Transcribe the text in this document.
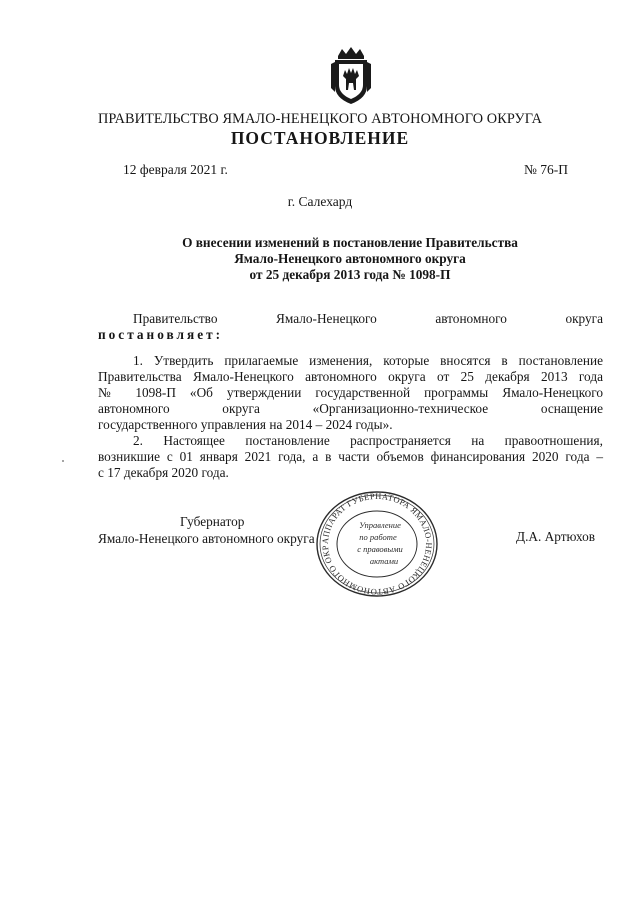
ПРАВИТЕЛЬСТВО ЯМАЛО-НЕНЕЦКОГО АВТОНОМНОГО ОКРУГА
ПОСТАНОВЛЕНИЕ
12 февраля 2021 г.	№ 76-П
г. Салехард
О внесении изменений в постановление Правительства
Ямало-Ненецкого автономного округа
от 25 декабря 2013 года № 1098-П
Правительство	Ямало-Ненецкого	автономного	округа
постановляет:
1. Утвердить прилагаемые изменения, которые вносятся в постановление
Правительства Ямало-Ненецкого автономного округа от 25 декабря 2013 года
№ 1098-П «Об утверждении государственной программы Ямало-Ненецкого
автономного	округа	«Организационно-техническое	оснащение
государственного управления на 2014 – 2024 годы».
2. Настоящее постановление распространяется на правоотношения,
возникшие с 01 января 2021 года, а в части объемов финансирования 2020 года –
с 17 декабря 2020 года.
Губернатор
Ямало-Ненецкого автономного округа	Д.А. Артюхов
АППАРАТ ГУБЕРНАТОРА ЯМАЛО-НЕНЕЦКОГО АВТОНОМНОГО ОКР
Управление
по работе
с правовыми
актами
